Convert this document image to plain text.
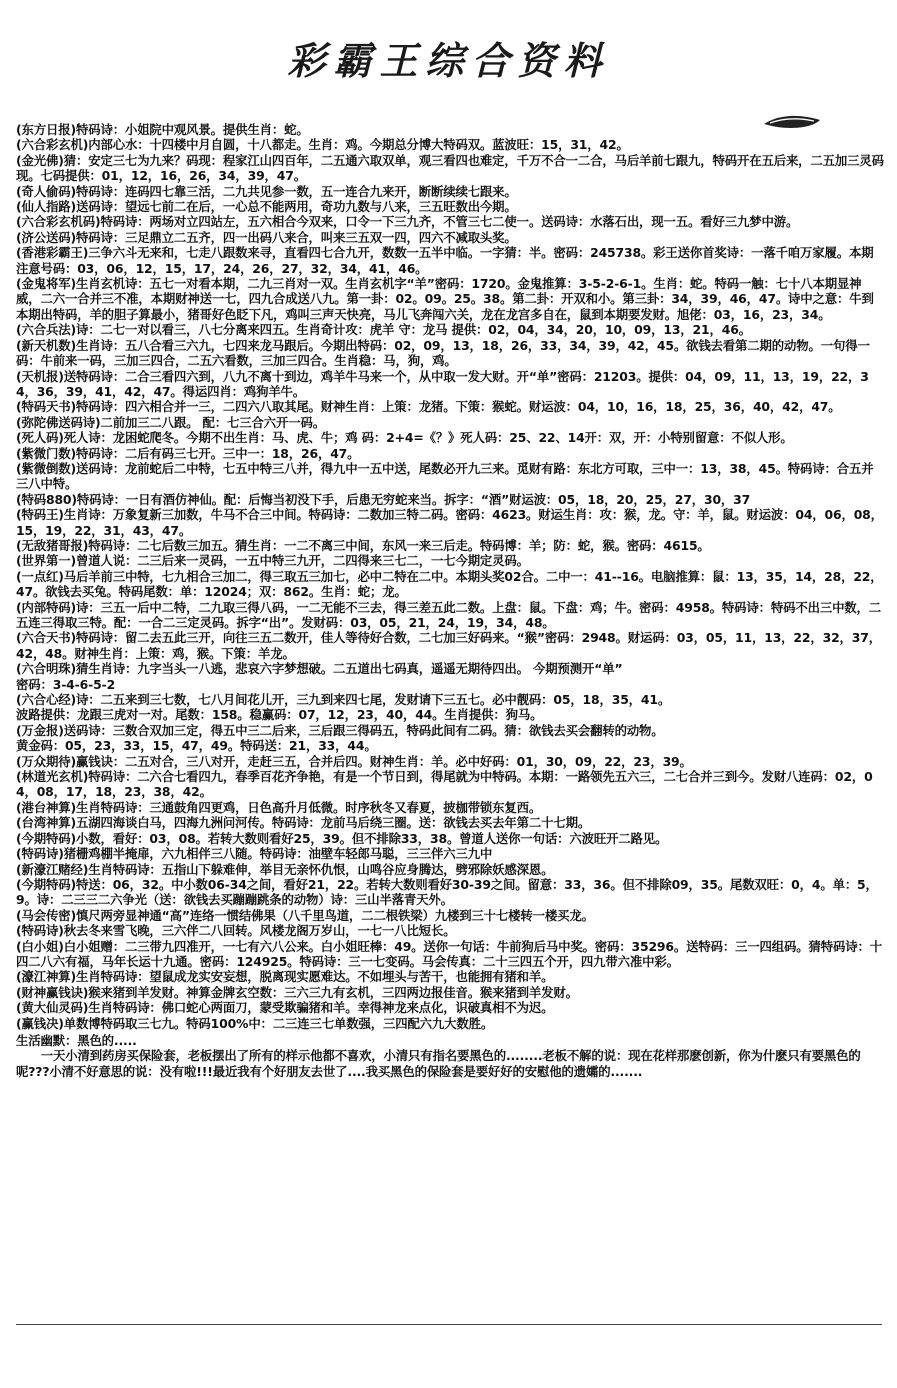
彩霸王综合资料

(东方日报)特码诗：小姐院中观风景。提供生肖：蛇。

(六合彩玄机)内部心水：十四楼中月自圆，十八都走。生肖：鸡。今期总分博大特码双。蓝波旺：15，31，42。

(金光佛)猜：安定三七为九来？码现：程家江山四百年，二五通六取双单，观三看四也难定，千万不合一二合，马后羊前七跟九，特码开在五后来，二五加三灵码现。七码提供：01，12，16，26，34，39，47。

(奇人偷码)特码诗：连码四七靠三活，二九共见参一数，五一连合九来开，断断续续七跟来。

(仙人指路)送码诗：望远七前二在后，一心总不能两用，奇功九数与八来，三五旺数出今期。

(六合彩玄机码)特码诗：两场对立四站左，五六相合今双来，口令一下三九齐，不管三七二使一。送码诗：水落石出，现一五。看好三九梦中游。

(济公送码)特码诗：三足鼎立二五齐，四一出码八来合，叫来三五双一四，四六不减取头奖。

(香港彩霸王)三争六斗无来和，七走八跟数来寻，直看四七合九开，数数一五半中临。一字猜：半。密码：245738。彩王送你首奖诗：一落千咱万家履。本期注意号码：03，06，12，15，17，24，26，27，32，34，41，46。

(金鬼将军)生肖玄机诗：五七一对看本期，二九三肖对一双。生肖玄机字“羊”密码：1720。金鬼推算：3-5-2-6-1。生肖：蛇。特码一触：七十八本期显神威，二六一合并三不准，本期财神送一七，四九合成送八九。第一卦：02。09。25。38。第二卦：开双和小。第三卦：34，39，46，47。诗中之意：牛到本期出特码，羊的胆子算最小，猪哥好色眨下凡，鸡叫三声天快亮，马儿飞奔闯六关，龙在龙宫多自在，鼠到本期要发财。旭佬：03，16，23，34。

(六合兵法)诗：二七一对以看三，八七分离来四五。生肖奇计攻：虎羊 守：龙马 提供：02，04，34，20，10，09，13，21，46。

(新天机数)生肖诗：五八合看三六九，七四来龙马跟后。今期出特码：02，09，13，18，26，33，34，39，42，45。欲钱去看第二期的动物。一句得一码：牛前来一码，三加三四合，二五六看数，三加三四合。生肖稳：马，狗，鸡。

(天机报)送特码诗：二合三看四六到，八九不离十到边，鸡羊牛马来一个，从中取一发大财。开“单”密码：21203。提供：04，09，11，13，19，22，34，36，39，41，42，47。得运四肖：鸡狗羊牛。

(特码天书)特码诗：四六相合并一三，二四六八取其尾。财神生肖：上策：龙猪。下策：猴蛇。财运波：04，10，16，18，25，36，40，42，47。

(弥陀佛送码诗)二前加三二八跟。 配：七三合六开一码。

(死人码)死人诗：龙困蛇爬冬。今期不出生肖：马、虎、牛；鸡 码：2+4=《？》死人码：25、22、14开：双，开：小特别留意：不似人形。

(紫微门数)特码诗：二后有码三七开。三中一：18，26，47。

(紫微倒数)送码诗：龙前蛇后二中特，七五中特三八并，得九中一五中送，尾数必开九三来。觅财有路：东北方可取，三中一：13，38，45。特码诗：合五并三八中特。

(特码880)特码诗：一日有酒仿神仙。配：后悔当初没下手，后患无穷蛇来当。拆字：“酒”财运波：05，18，20，25，27，30，37

(特码王)生肖诗：万象复新三加数，牛马不合三中间。特码诗：二数加三特二码。密码：4623。财运生肖：攻：猴，龙。守：羊，鼠。财运波：04，06，08，15，19，22，31，43，47。

(无敌猪哥报)特码诗：二七后数三加五。猜生肖：一二不离三中间，东风一来三后走。特码博：羊；防：蛇，猴。密码：4615。

(世界第一)曾道人说：二三后来一灵码，一五中特三九开，二四得来三七二，一七今期定灵码。

(一点红)马后羊前三中特，七九相合三加二，得三取五三加七，必中二特在二中。本期头奖02合。二中一：41--16。电脑推算：鼠：13，35，14，28，22，47。欲钱去买兔。特码尾数：单：12024；双：862。生肖：蛇；龙。

(内部特码)诗：三五一后中二特，二九取三得八码，一二无能不三去，得三差五此二数。上盘：鼠。下盘：鸡；牛。密码：4958。特码诗：特码不出三中数，二五连三得取三特。配：一合二三定灵码。拆字“出”。发财码：03，05，21，24，19，34，48。

(六合天书)特码诗：留二去五此三开，向往三五二数开，佳人等待好合数，二七加三好码来。“猴”密码：2948。财运码：03，05，11，13，22，32，37，42，48。财神生肖：上策：鸡，猴。下策：羊龙。

(六合明珠)猜生肖诗：九字当头一八逃，悲哀六字梦想破。二五道出七码真，遥遥无期待四出。 今期预测开“单”

密码：3-4-6-5-2

(六合心经)诗：二五来到三七数，七八月间花儿开，三九到来四七尾，发财请下三五七。必中靓码：05，18，35，41。

波路提供：龙跟三虎对一对。尾数：158。稳赢码：07，12，23，40，44。生肖提供：狗马。

(万金报)送码诗：三数合双加三定，得五中三二后来，三后跟三得码五，特码此间有二码。猜：欲钱去买会翻转的动物。

黄金码：05，23，33，15，47，49。特码送：21，33，44。

(万众期待)赢钱诀：二五对合，三八对开，走赶三五，合并后四。财神生肖：羊。必中好码：01，30，09，22，23，39。

(林道光玄机)特码诗：二六合七看四九，春季百花齐争艳，有是一个节日到，得尾就为中特码。本期：一路领先五六三，二七合并三到今。发财八连码：02，04，08，17，18，23，38，42。

(港台神算)生肖特码诗：三通鼓角四更鸡，日色高升月低微。时序秋冬又春夏，披枷带锁东复西。

(台湾神算)五湖四海谈白马，四海九洲问河传。特码诗：龙前马后绕三圈。送：欲钱去买去年第二十七期。

(今期特码)小数，看好：03，08。若转大数则看好25，39。但不排除33，38。曾道人送你一句话：六波旺开二路见。

(特码诗)猪栅鸡棚半掩扉，六九相伴三八随。特码诗：油壁车轻郎马聪，三三伴六三九中

(新濠江赌经)生肖特码诗：五指山下躲难伸，举目无亲怀仇恨，山鸣谷应身腾达，劈邪除妖感深恩。

(今期特码)特送：06，32。中小数06-34之间，看好21，22。若转大数则看好30-39之间。留意：33，36。但不排除09，35。尾数双旺：0，4。单：5，9。诗：二三三二六争光（送：欲钱去买蹦蹦跳条的动物）诗：三山半落青天外。

(马会传密)慎尺两旁显神通“高”连络一惯结佛果（八千里鸟道，二二根铁梁）九楼到三十七楼转一楼买龙。

(特码诗)秋去冬来雪飞晚，三六伴二八回转。风楼龙阁万岁山，一七一八比短长。

(白小姐)白小姐赠：二三带九四准开，一七有六八公来。白小姐旺棒：49。送你一句话：牛前狗后马中奖。密码：35296。送特码：三一四组码。猜特码诗：十四二八六有福，马年长运十九通。密码：124925。特码诗：三一七变码。马会传真：二十三四五个开，四九带六准中彩。

(濠江神算)生肖特码诗：望鼠成龙实安妄想，脱离现实愿难达。不如埋头与苦干，也能拥有猪和羊。

(财神赢钱诀)猴来猪到羊发财。神算金牌玄空数：三六三九有玄机，三四两边报佳音。猴来猪到羊发财。

(黄大仙灵码)生肖特码诗：佛口蛇心两面刀，蒙受欺骗猪和羊。幸得神龙来点化，识破真相不为迟。

(赢钱决)单数博特码取三七九。特码100%中：二三连三七单数强，三四配六九大数胜。

生活幽默：黑色的.....

一天小清到药房买保险套，老板摆出了所有的样示他都不喜欢，小清只有指名要黑色的........老板不解的说：现在花样那麽创新，你为什麽只有要黑色的呢???小清不好意思的说：没有啦!!!最近我有个好朋友去世了....我买黑色的保险套是要好好的安慰他的遗孀的.......
